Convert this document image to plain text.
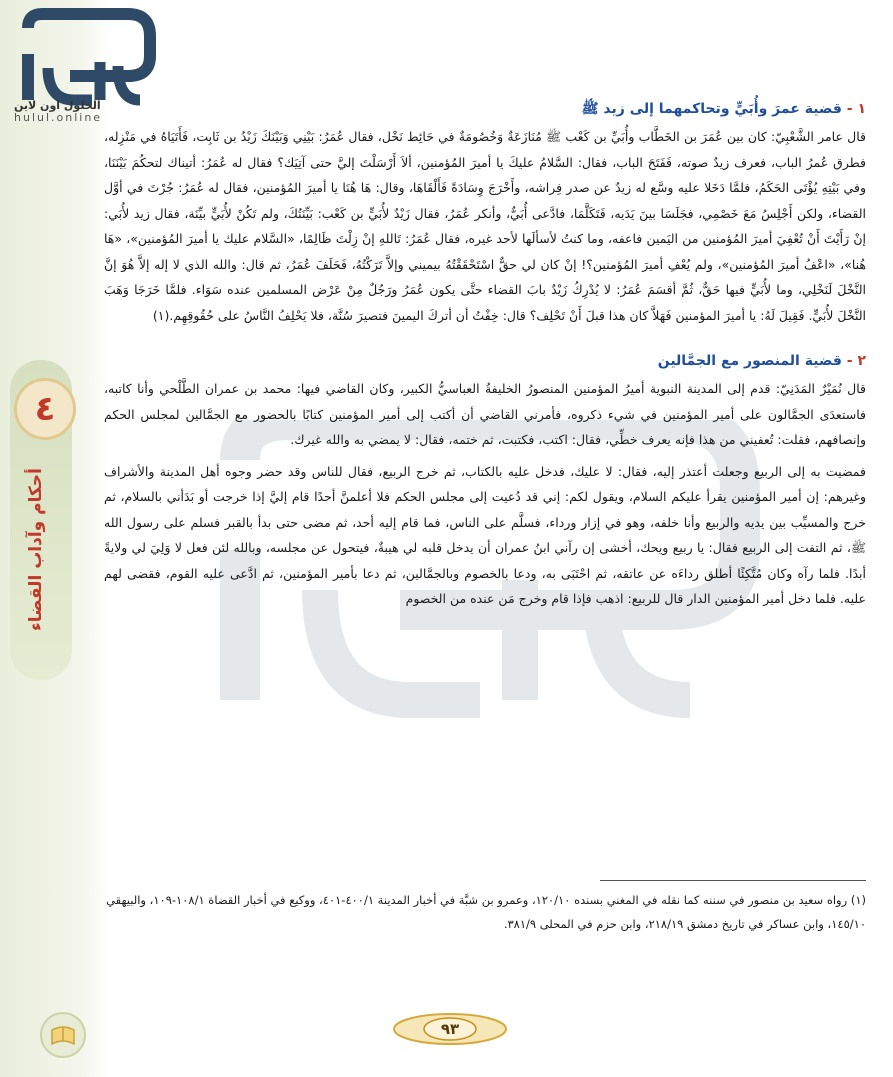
٤
أحكام وآداب القضاء
الحلول اون لاين
hulul.online
١ - قضية عمرَ وأُبَيٍّ وتحاكمهما إلى زيد ﷺ

قال عامر الشَّعْبِيّ: كان بين عُمَرَ بن الخَطَّاب وأُبَيِّ بن كَعْب ﷺ مُنَازَعَةٌ وَخُصُومَةٌ في حَائِط نَخْل، فقال عُمَرُ: بَيْنِي وَبَيْنَكَ زَيْدُ بن ثَابِت، فَأَتَيَاهُ في مَنْزِله، فطرق عُمرُ الباب، فعرف زيدٌ صوته، فَفَتَحَ الباب، فقال: السَّلامُ عليكَ يا أميرَ المُؤمنين، ألاَ أَرْسَلْتَ إليَّ حتى آتِيَك؟ فقال له عُمَرُ: أتيناك لتحكُمَ بَيْنَنَا، وفي بَيْتِهِ يُؤْتَى الحَكَمُ، فلمَّا دَخَلا عليه وسَّع له زيدٌ عن صدر فِراشه، وأَخْرَجَ وِسَادَةً فَأَلْقَاهَا، وقال: هَا هُنَا يا أميرَ المُؤمنين، فقال له عُمَرُ: جُرْتَ في أوَّل القضاء، ولكن أَجْلِسُ مَعَ خَصْمِي، فجَلَسَا بينَ يَدَيه، فَتَكَلَّمَا، فادَّعى أُبَيٌّ، وأنكر عُمَرُ، فقال زَيْدٌ لأُبَيٍّ بن كَعْب: بَيِّنَتُكَ، ولم تَكُنْ لأُبَيٍّ بيِّنَة، فقال زيد لأُبَي: إنْ رَأَيْتَ أَنْ تُعْفِيَ أميرَ المُؤمنين من اليَمين فاعفه، وما كنتُ لأسألَها لأحد غيره، فقال عُمَرُ: تَاللهِ إنْ زِلْتَ ظَالِمًا، «السَّلام عليك يا أميرَ المُؤمنين»، «هَا هُنا»، «اعْفُ أميرَ المُؤمنين»، ولم يُعْفِ أميرَ المُؤمنين؟! إنْ كان لي حقٌّ اسْتَحْقَقْتُهُ بيميني وإلاَّ تَرَكْتُهُ، فَحَلَفَ عُمَرُ، ثم قال: والله الذي لا إله إلاَّ هُوَ إنَّ النَّخْلَ لَنَخْلِي، وما لأُبَيٍّ فيها حَقٌّ، ثُمَّ أقسَمَ عُمَرُ: لا يُدْرِكُ زَيْدٌ بابَ القضاء حتَّى يكون عُمَرُ ورَجُلٌ مِنْ عَرْض المسلمين عنده سَوَاء. فلمَّا خَرَجَا وَهَبَ النَّخْلَ لأُبَيٍّ. فَقِيلَ لَهُ: يا أميرَ المؤمنين فَهَلاَّ كان هذا قبلَ أَنْ تَحْلِف؟ قال: خِفْتُ أن أتركَ اليمينَ فتصيرَ سُنَّة، فلا يَحْلِفُ النَّاسُ على حُقُوقِهِم.(١)

٢ - قضية المنصور مع الجمَّالين

قال نُمَيْرٌ المَدَنِيّ: قدم إلى المدينة النبوية أميرُ المؤمنين المنصورُ الخليفةُ العباسيُّ الكبير، وكان القاضي فيها: محمد بن عمران الطَّلْحي وأنا كاتبه، فاستعدَى الجمَّالون على أمير المؤمنين في شيء ذكروه، فأمرني القاضي أن أكتب إلى أمير المؤمنين كتابًا بالحضور مع الجمَّالين لمجلس الحكم وإنصافهم، فقلت: تُعفيني من هذا فإنه يعرف خطِّي، فقال: اكتب، فكتبت، ثم ختمه، فقال: لا يمضي به والله غيرك.

فمضيت به إلى الربيع وجعلت أعتذر إليه، فقال: لا عليك، فدخل عليه بالكتاب، ثم خرج الربيع، فقال للناس وقد حضر وجوه أهل المدينة والأشراف وغيرهم: إن أمير المؤمنين يقرأ عليكم السلام، ويقول لكم: إني قد دُعيت إلى مجلس الحكم فلا أعلمنَّ أحدًا قام إليَّ إذا خرجت أو بَدَأني بالسلام، ثم خرج والمسيِّب بين يديه والربيع وأنا خلفه، وهو في إزار ورداء، فسلَّم على الناس، فما قام إليه أحد، ثم مضى حتى بدأ بالقبر فسلم على رسول الله ﷺ، ثم التفت إلى الربيع فقال: يا ربيع ويحك، أخشى إن رآني ابنُ عمران أن يدخل قلبه لي هيبةٌ، فيتحول عن مجلسه، وبالله لئن فعل لا وَلِيَ لي ولايةً أبدًا. فلما رآه وكان مُتَّكِئًا أطلق رداءَه عن عاتقه، ثم احْتَبَى به، ودعا بالخصوم وبالجمَّالين، ثم دعا بأمير المؤمنين، ثم ادَّعى عليه القوم، فقضى لهم عليه. فلما دخل أمير المؤمنين الدار قال للربيع: اذهب فإذا قام وخرج مَن عنده من الخصوم

(١) رواه سعيد بن منصور في سننه كما نقله في المغني بسنده ١٢٠/١٠، وعمرو بن شبَّة في أخبار المدينة ٤٠٠/١-٤٠١، ووكيع في أخبار القضاة ١٠٨/١-١٠٩، والبيهقي ١٤٥/١٠، وابن عساكر في تاريخ دمشق ٢١٨/١٩، وابن حزم في المحلى ٣٨١/٩.

٩٣
